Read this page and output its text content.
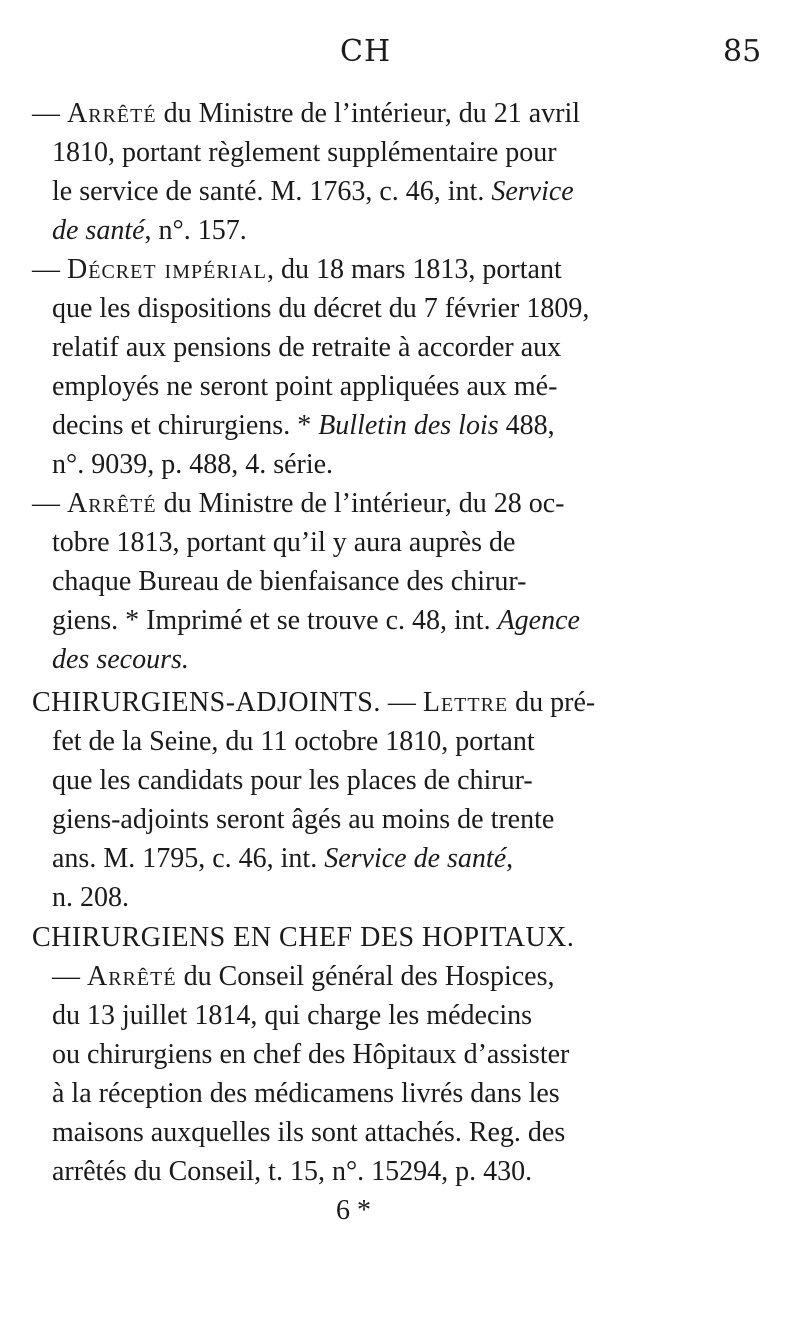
CH	85
— Arrêté du Ministre de l’intérieur, du 21 avril
1810, portant règlement supplémentaire pour
le service de santé. M. 1763, c. 46, int. Service
de santé, n°. 157.
— Décret impérial, du 18 mars 1813, portant
que les dispositions du décret du 7 février 1809,
relatif aux pensions de retraite à accorder aux
employés ne seront point appliquées aux mé-
decins et chirurgiens. * Bulletin des lois 488,
n°. 9039, p. 488, 4. série.
— Arrêté du Ministre de l’intérieur, du 28 oc-
tobre 1813, portant qu’il y aura auprès de
chaque Bureau de bienfaisance des chirur-
giens. * Imprimé et se trouve c. 48, int. Agence
des secours.
CHIRURGIENS-ADJOINTS. — Lettre du pré-
fet de la Seine, du 11 octobre 1810, portant
que les candidats pour les places de chirur-
giens-adjoints seront âgés au moins de trente
ans. M. 1795, c. 46, int. Service de santé,
n. 208.
CHIRURGIENS EN CHEF DES HOPITAUX.
— Arrêté du Conseil général des Hospices,
du 13 juillet 1814, qui charge les médecins
ou chirurgiens en chef des Hôpitaux d’assister
à la réception des médicamens livrés dans les
maisons auxquelles ils sont attachés. Reg. des
arrêtés du Conseil, t. 15, n°. 15294, p. 430.
6 *
